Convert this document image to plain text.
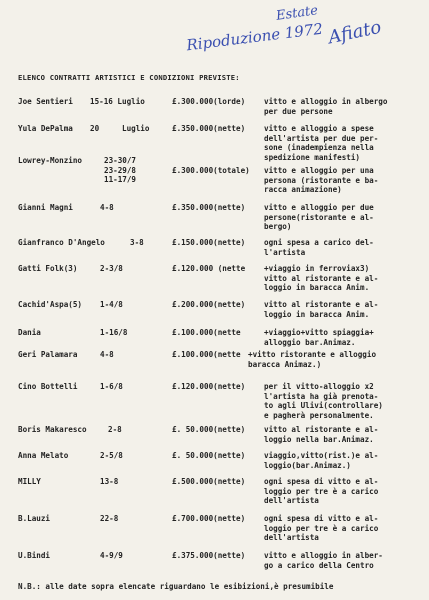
Estate
Ripoduzione 1972 Afiato
ELENCO CONTRATTI ARTISTICI E CONDIZIONI PREVISTE:
Joe Sentieri 15-16 Luglio	£.300.000(lorde) vitto e alloggio in albergo
per due persone
Yula DePalma 20     Luglio	£.350.000(nette) vitto e alloggio a spese
dell'artista per due per-
sone (inadempienza nella
spedizione manifesti)
Lowrey-Monzino	23-30/7
23-29/8
11-17/9
£.300.000(totale) vitto e alloggio per una
persona (ristorante e ba-
racca animazione)
Gianni Magni	4-8	£.350.000(nette) vitto e alloggio per due
persone(ristorante e al-
bergo)
Gianfranco D'Angelo	3-8	£.150.000(nette) ogni spesa a carico del-
l'artista
Gatti Folk(3)	2-3/8	£.120.000 (nette +viaggio in ferroviax3)
vitto al ristorante e al-
loggio in baracca Anim.
Cachid'Aspa(5) 1-4/8	£.200.000(nette) vitto al ristorante e al-
loggio in baracca Anim.
Dania	1-16/8	£.100.000(nette	+viaggio+vitto spiaggia+
alloggio bar.Animaz.
Geri Palamara	4-8	£.100.000(nette +vitto ristorante e alloggio
baracca Animaz.)
Cino Bottelli	1-6/8	£.120.000(nette) per il vitto-alloggio x2
l'artista ha già prenota-
to agli Ulivi(controllare)
e pagherà personalmente.
Boris Makaresco	2-8	£. 50.000(nette) vitto al ristorante e al-
loggio nella bar.Animaz.
Anna Melato	2-5/8	£. 50.000(nette) viaggio,vitto(rist.)e al-
loggio(bar.Animaz.)
MILLY	13-8	£.500.000(nette) ogni spesa di vitto e al-
loggio per tre è a carico
dell'artista
B.Lauzi	22-8	£.700.000(nette) ogni spesa di vitto e al-
loggio per tre è a carico
dell'artista
U.Bindi	4-9/9	£.375.000(nette) vitto e alloggio in alber-
go a carico della Centro
N.B.: alle date sopra elencate riguardano le esibizioni,è presumibile
